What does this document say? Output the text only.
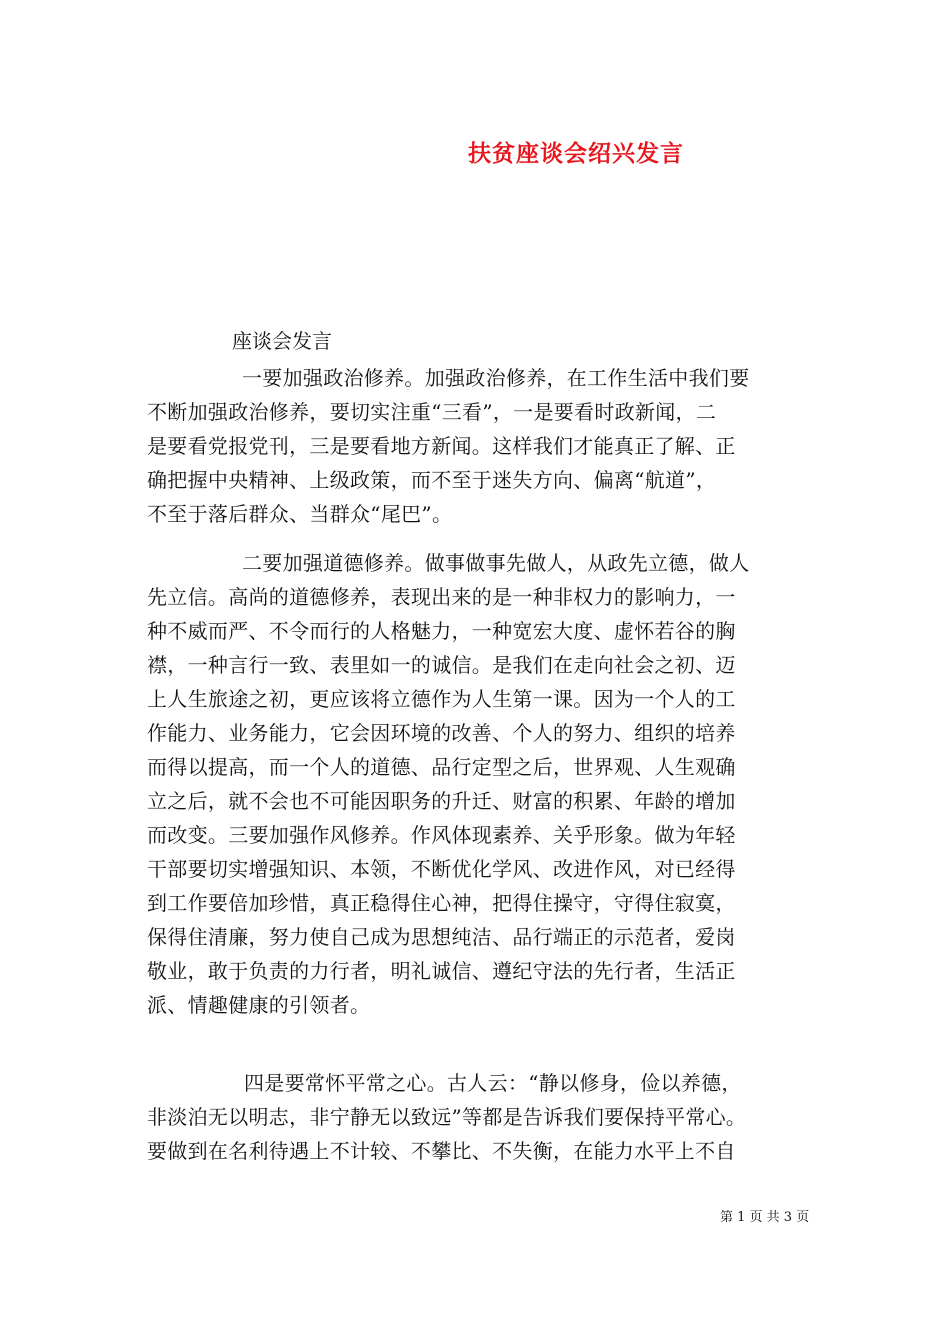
扶贫座谈会绍兴发言
座谈会发言
一要加强政治修养。加强政治修养，在工作生活中我们要
不断加强政治修养，要切实注重“三看”，一是要看时政新闻，二
是要看党报党刊，三是要看地方新闻。这样我们才能真正了解、正
确把握中央精神、上级政策，而不至于迷失方向、偏离“航道”，
不至于落后群众、当群众“尾巴”。
二要加强道德修养。做事做事先做人，从政先立德，做人
先立信。高尚的道德修养，表现出来的是一种非权力的影响力，一
种不威而严、不令而行的人格魅力，一种宽宏大度、虚怀若谷的胸
襟，一种言行一致、表里如一的诚信。是我们在走向社会之初、迈
上人生旅途之初，更应该将立德作为人生第一课。因为一个人的工
作能力、业务能力，它会因环境的改善、个人的努力、组织的培养
而得以提高，而一个人的道德、品行定型之后，世界观、人生观确
立之后，就不会也不可能因职务的升迁、财富的积累、年龄的增加
而改变。三要加强作风修养。作风体现素养、关乎形象。做为年轻
干部要切实增强知识、本领，不断优化学风、改进作风，对已经得
到工作要倍加珍惜，真正稳得住心神，把得住操守，守得住寂寞，
保得住清廉，努力使自己成为思想纯洁、品行端正的示范者，爱岗
敬业，敢于负责的力行者，明礼诚信、遵纪守法的先行者，生活正
派、情趣健康的引领者。
四是要常怀平常之心。古人云：“静以修身，俭以养德，
非淡泊无以明志，非宁静无以致远”等都是告诉我们要保持平常心。
要做到在名利待遇上不计较、不攀比、不失衡，在能力水平上不自
第 1 页 共 3 页
